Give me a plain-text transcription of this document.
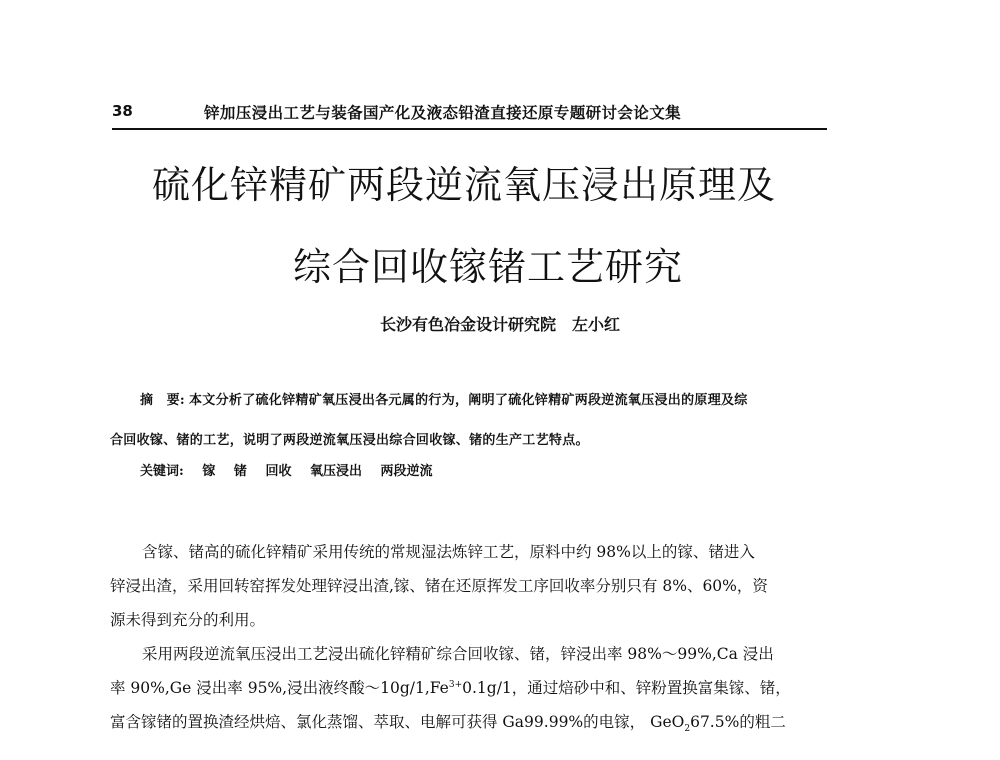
38	锌加压浸出工艺与装备国产化及液态铅渣直接还原专题研讨会论文集
硫化锌精矿两段逆流氧压浸出原理及
综合回收镓锗工艺研究
长沙有色冶金设计研究院 左小红
摘　要: 本文分析了硫化锌精矿氧压浸出各元属的行为，阐明了硫化锌精矿两段逆流氧压浸出的原理及综
合回收镓、锗的工艺，说明了两段逆流氧压浸出综合回收镓、锗的生产工艺特点。
关键词: 镓 锗 回收 氧压浸出 两段逆流
含镓、锗高的硫化锌精矿采用传统的常规湿法炼锌工艺，原料中约 98%以上的镓、锗进入
锌浸出渣，采用回转窑挥发处理锌浸出渣,镓、锗在还原挥发工序回收率分别只有 8%、60%，资
源未得到充分的利用。
采用两段逆流氧压浸出工艺浸出硫化锌精矿综合回收镓、锗，锌浸出率 98%～99%,Ca 浸出
率 90%,Ge 浸出率 95%,浸出液终酸$\sim 10g/1,Fe^{3+}0.1g/1$，通过焙砂中和、锌粉置换富集镓、锗，
富含镓锗的置换渣经烘焙、氯化蒸馏、萃取、电解可获得 Ga99.99%的电镓， GeO$_2$67.5%的粗二
